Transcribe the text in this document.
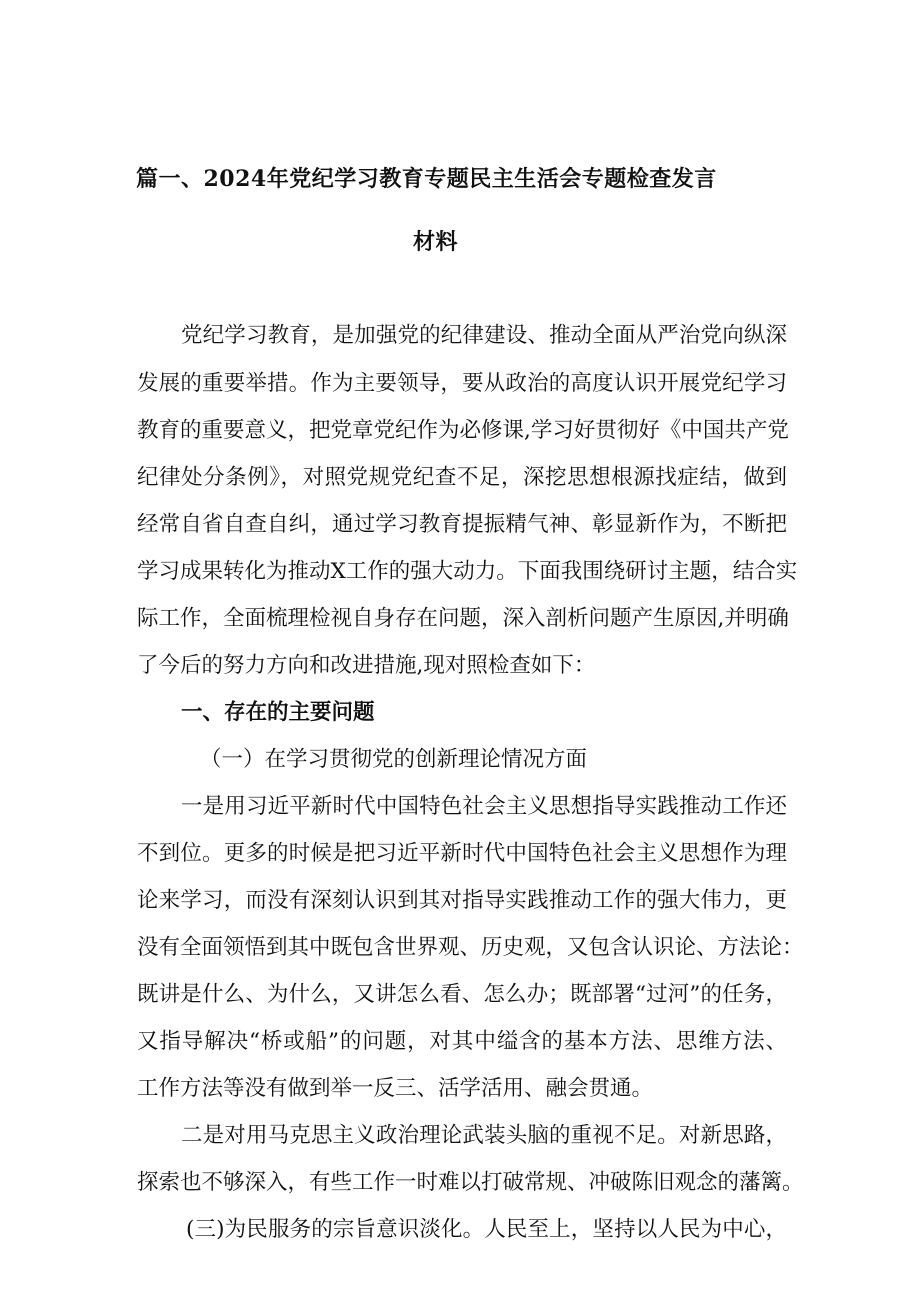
篇一、2024年党纪学习教育专题民主生活会专题检查发言
材料
党纪学习教育，是加强党的纪律建设、推动全面从严治党向纵深
发展的重要举措。作为主要领导，要从政治的高度认识开展党纪学习
教育的重要意义，把党章党纪作为必修课,学习好贯彻好《中国共产党
纪律处分条例》，对照党规党纪查不足，深挖思想根源找症结，做到
经常自省自查自纠，通过学习教育提振精气神、彰显新作为，不断把
学习成果转化为推动X工作的强大动力。下面我围绕研讨主题，结合实
际工作，全面梳理检视自身存在问题，深入剖析问题产生原因,并明确
了今后的努力方向和改进措施,现对照检查如下：
一、存在的主要问题
（一）在学习贯彻党的创新理论情况方面
一是用习近平新时代中国特色社会主义思想指导实践推动工作还
不到位。更多的时候是把习近平新时代中国特色社会主义思想作为理
论来学习，而没有深刻认识到其对指导实践推动工作的强大伟力，更
没有全面领悟到其中既包含世界观、历史观，又包含认识论、方法论：
既讲是什么、为什么，又讲怎么看、怎么办；既部署“过河”的任务，
又指导解决“桥或船”的问题，对其中缢含的基本方法、思维方法、
工作方法等没有做到举一反三、活学活用、融会贯通。
二是对用马克思主义政治理论武装头脑的重视不足。对新思路，
探索也不够深入，有些工作一时难以打破常规、冲破陈旧观念的藩篱。
(三)为民服务的宗旨意识淡化。人民至上，坚持以人民为中心，
